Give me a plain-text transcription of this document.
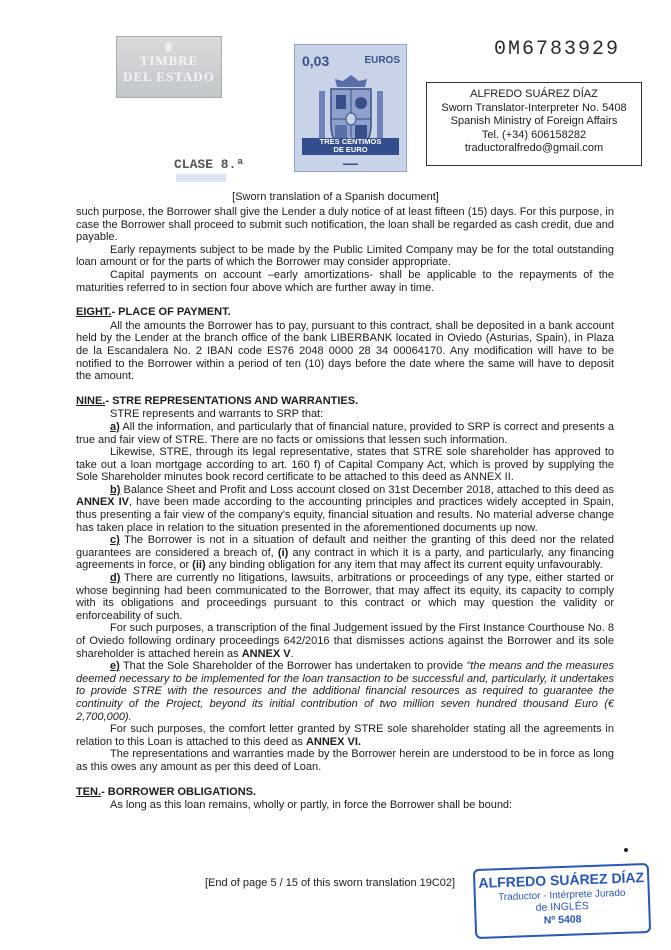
♛
TIMBRE
DEL ESTADO
0,03	EUROS
TRES CÉNTIMOS
DE EURO
▬▬▬
0M6783929
ALFREDO SUÁREZ DÍAZ
Sworn Translator-Interpreter No. 5408
Spanish Ministry of Foreign Affairs
Tel. (+34) 606158282
traductoralfredo@gmail.com
CLASE 8.ª
[Sworn translation of a Spanish document]

such purpose, the Borrower shall give the Lender a duly notice of at least fifteen (15) days. For this purpose, in case the Borrower shall proceed to submit such notification, the loan shall be regarded as cash credit, due and payable.

Early repayments subject to be made by the Public Limited Company may be for the total outstanding loan amount or for the parts of which the Borrower may consider appropriate.

Capital payments on account –early amortizations- shall be applicable to the repayments of the maturities referred to in section four above which are further away in time.

EIGHT.- PLACE OF PAYMENT.

All the amounts the Borrower has to pay, pursuant to this contract, shall be deposited in a bank account held by the Lender at the branch office of the bank LIBERBANK located in Oviedo (Asturias, Spain), in Plaza de la Escandalera No. 2 IBAN code ES76 2048 0000 28 34 00064170. Any modification will have to be notified to the Borrower within a period of ten (10) days before the date where the same will have to deposit the amount.

NINE.- STRE REPRESENTATIONS AND WARRANTIES.

STRE represents and warrants to SRP that:

a) All the information, and particularly that of financial nature, provided to SRP is correct and presents a true and fair view of STRE. There are no facts or omissions that lessen such information.

Likewise, STRE, through its legal representative, states that STRE sole shareholder has approved to take out a loan mortgage according to art. 160 f) of Capital Company Act, which is proved by supplying the Sole Shareholder minutes book record certificate to be attached to this deed as ANNEX II.

b) Balance Sheet and Profit and Loss account closed on 31st December 2018, attached to this deed as ANNEX IV, have been made according to the accounting principles and practices widely accepted in Spain, thus presenting a fair view of the company's equity, financial situation and results. No material adverse change has taken place in relation to the situation presented in the aforementioned documents up now.

c) The Borrower is not in a situation of default and neither the granting of this deed nor the related guarantees are considered a breach of, (i) any contract in which it is a party, and particularly, any financing agreements in force, or (ii) any binding obligation for any item that may affect its current equity unfavourably.

d) There are currently no litigations, lawsuits, arbitrations or proceedings of any type, either started or whose beginning had been communicated to the Borrower, that may affect its equity, its capacity to comply with its obligations and proceedings pursuant to this contract or which may question the validity or enforceability of such.

For such purposes, a transcription of the final Judgement issued by the First Instance Courthouse No. 8 of Oviedo following ordinary proceedings 642/2016 that dismisses actions against the Borrower and its sole shareholder is attached herein as ANNEX V.

e) That the Sole Shareholder of the Borrower has undertaken to provide "the means and the measures deemed necessary to be implemented for the loan transaction to be successful and, particularly, it undertakes to provide STRE with the resources and the additional financial resources as required to guarantee the continuity of the Project, beyond its initial contribution of two million seven hundred thousand Euro (€ 2,700,000).

For such purposes, the comfort letter granted by STRE sole shareholder stating all the agreements in relation to this Loan is attached to this deed as ANNEX VI.

The representations and warranties made by the Borrower herein are understood to be in force as long as this owes any amount as per this deed of Loan.

TEN.- BORROWER OBLIGATIONS.

As long as this loan remains, wholly or partly, in force the Borrower shall be bound:

[End of page 5 / 15 of this sworn translation 19C02] ALFREDO SUÁREZ DÍAZ
Traductor - Intérprete Jurado
de INGLÉS
Nº 5408
